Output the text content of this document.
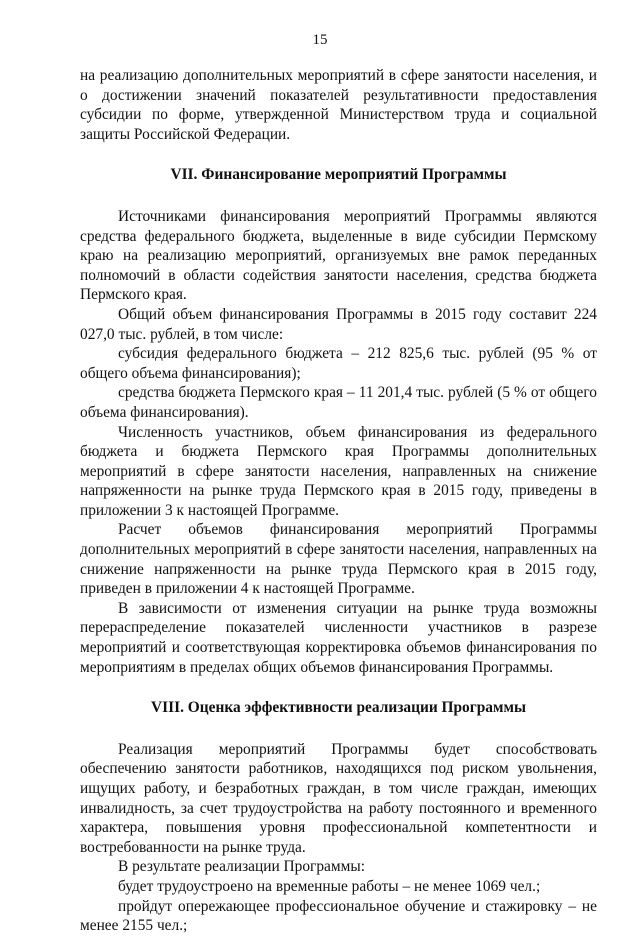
15

на реализацию дополнительных мероприятий в сфере занятости населения, и о достижении значений показателей результативности предоставления субсидии по форме, утвержденной Министерством труда и социальной защиты Российской Федерации.

VII. Финансирование мероприятий Программы

Источниками финансирования мероприятий Программы являются средства федерального бюджета, выделенные в виде субсидии Пермскому краю на реализацию мероприятий, организуемых вне рамок переданных полномочий в области содействия занятости населения, средства бюджета Пермского края.

Общий объем финансирования Программы в 2015 году составит 224 027,0 тыс. рублей, в том числе:

субсидия федерального бюджета – 212 825,6 тыс. рублей (95 % от общего объема финансирования);

средства бюджета Пермского края – 11 201,4 тыс. рублей (5 % от общего объема финансирования).

Численность участников, объем финансирования из федерального бюджета и бюджета Пермского края Программы дополнительных мероприятий в сфере занятости населения, направленных на снижение напряженности на рынке труда Пермского края в 2015 году, приведены в приложении 3 к настоящей Программе.

Расчет объемов финансирования мероприятий Программы дополнительных мероприятий в сфере занятости населения, направленных на снижение напряженности на рынке труда Пермского края в 2015 году, приведен в приложении 4 к настоящей Программе.

В зависимости от изменения ситуации на рынке труда возможны перераспределение показателей численности участников в разрезе мероприятий и соответствующая корректировка объемов финансирования по мероприятиям в пределах общих объемов финансирования Программы.

VIII. Оценка эффективности реализации Программы

Реализация мероприятий Программы будет способствовать обеспечению занятости работников, находящихся под риском увольнения, ищущих работу, и безработных граждан, в том числе граждан, имеющих инвалидность, за счет трудоустройства на работу постоянного и временного характера, повышения уровня профессиональной компетентности и востребованности на рынке труда.

В результате реализации Программы:

будет трудоустроено на временные работы – не менее 1069 чел.;

пройдут опережающее профессиональное обучение и стажировку – не менее 2155 чел.;
